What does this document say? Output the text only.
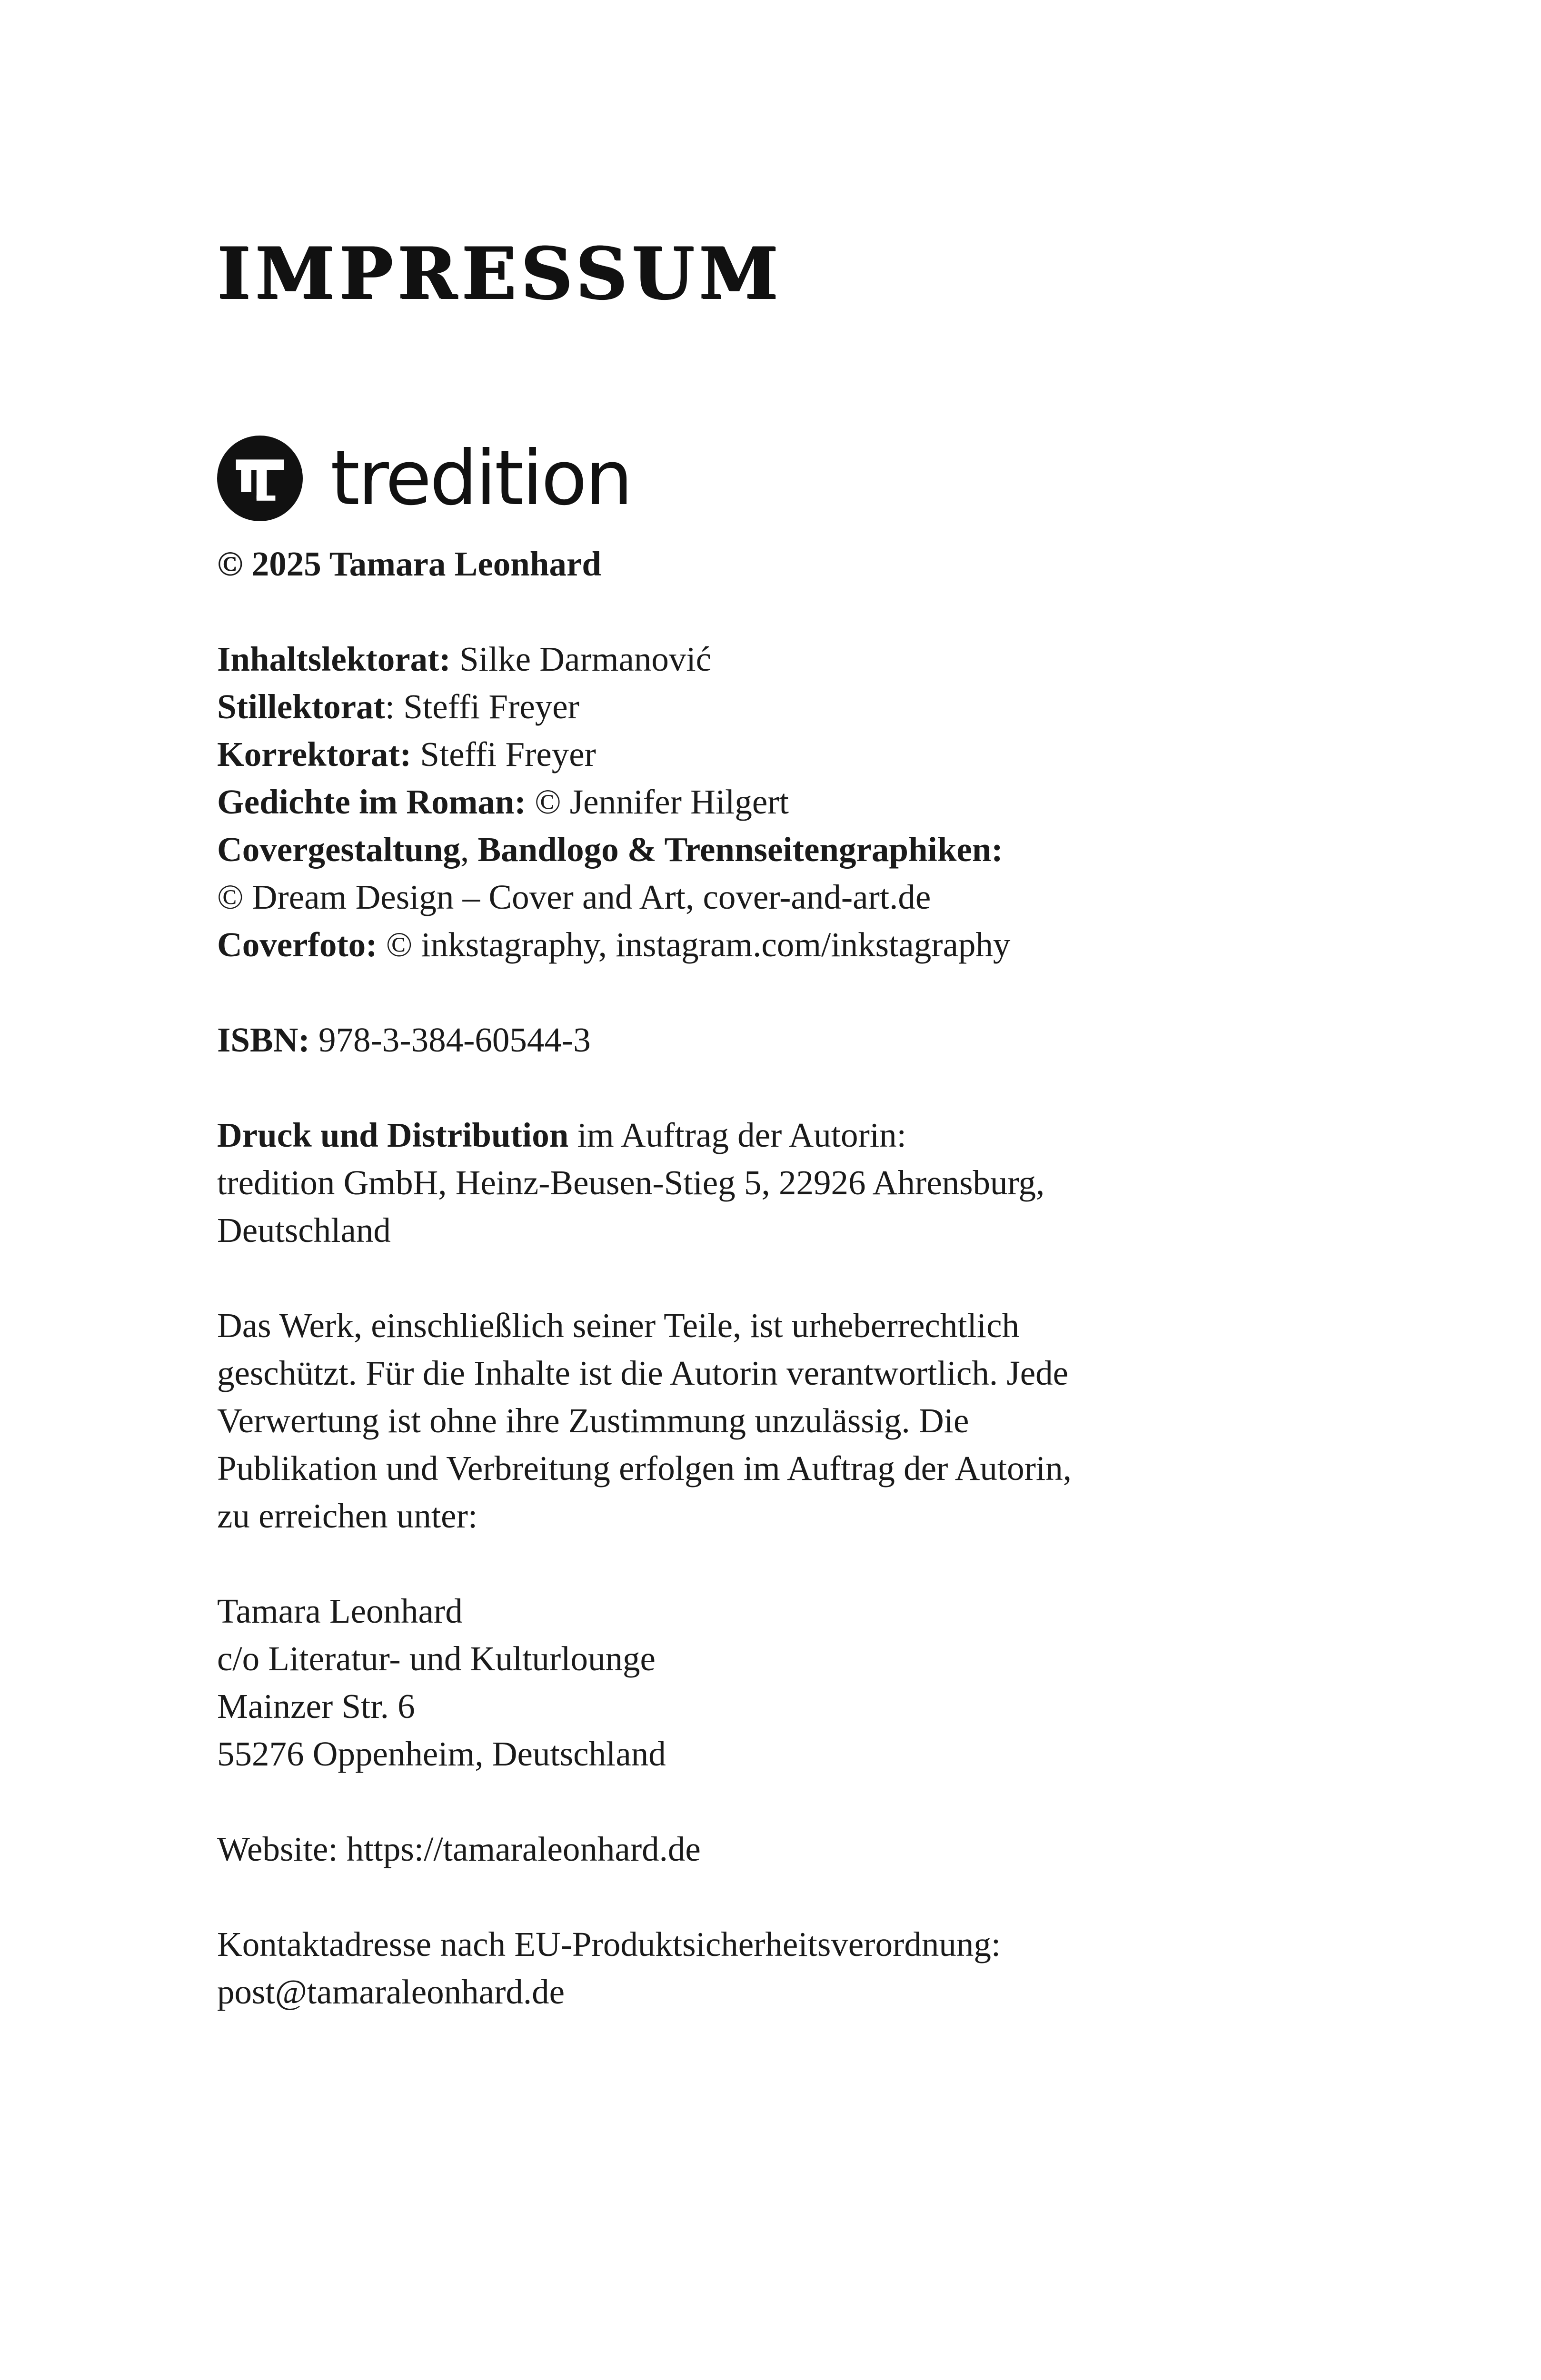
IMPRESSUM
tredition
© 2025 Tamara Leonhard
Inhaltslektorat: Silke Darmanović
Stillektorat: Steffi Freyer
Korrektorat: Steffi Freyer
Gedichte im Roman: © Jennifer Hilgert
Covergestaltung, Bandlogo & Trennseitengraphiken:
© Dream Design – Cover and Art, cover-and-art.de
Coverfoto: © inkstagraphy, instagram.com/inkstagraphy
ISBN: 978-3-384-60544-3
Druck und Distribution im Auftrag der Autorin:
tredition GmbH, Heinz-Beusen-Stieg 5, 22926 Ahrensburg,
Deutschland
Das Werk, einschließlich seiner Teile, ist urheberrechtlich
geschützt. Für die Inhalte ist die Autorin verantwortlich. Jede
Verwertung ist ohne ihre Zustimmung unzulässig. Die
Publikation und Verbreitung erfolgen im Auftrag der Autorin,
zu erreichen unter:
Tamara Leonhard
c/o Literatur- und Kulturlounge
Mainzer Str. 6
55276 Oppenheim, Deutschland
Website: https://tamaraleonhard.de
Kontaktadresse nach EU-Produktsicherheitsverordnung:
post@tamaraleonhard.de
